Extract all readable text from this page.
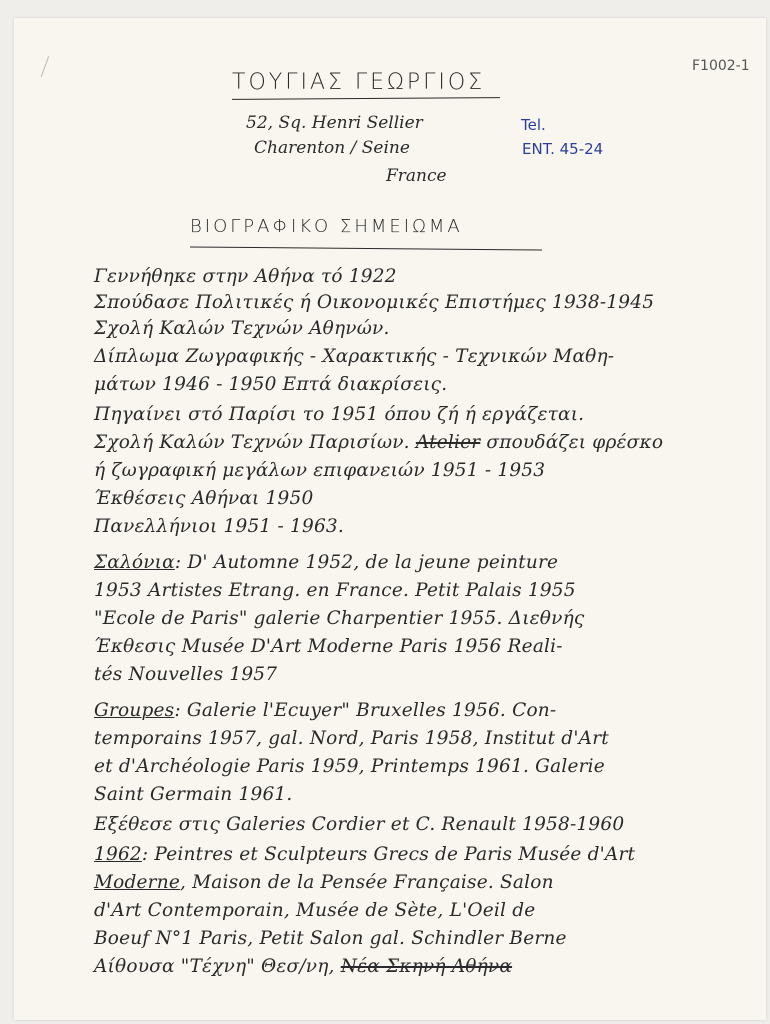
F1002-1
ΤΟΥΓΙΑΣ ΓΕΩΡΓΙΟΣ
52, Sq. Henri Sellier
Charenton / Seine
France
Tel.
ENT. 45-24
ΒΙΟΓΡΑΦΙΚΟ ΣΗΜΕΙΩΜΑ
Γεννήθηκε στην Αθήνα τό 1922
Σπούδασε Πολιτικές ή Οικονομικές Επιστήμες 1938-1945
Σχολή Καλών Τεχνών Αθηνών.
Δίπλωμα Ζωγραφικής - Χαρακτικής - Τεχνικών Μαθη-
μάτων 1946 - 1950 Επτά διακρίσεις.
Πηγαίνει στό Παρίσι το 1951 όπου ζή ή εργάζεται.
Σχολή Καλών Τεχνών Παρισίων. Atelier σπουδάζει φρέσκο
ή ζωγραφική μεγάλων επιφανειών 1951 - 1953
Έκθέσεις Αθήναι 1950
Πανελλήνιοι 1951 - 1963.
Σαλόνια: D' Automne 1952, de la jeune peinture
1953 Artistes Etrang. en France. Petit Palais 1955
"Ecole de Paris" galerie Charpentier 1955. Διεθνής
Έκθεσις Musée D'Art Moderne Paris 1956 Reali-
tés Nouvelles 1957
Groupes: Galerie l'Ecuyer" Bruxelles 1956. Con-
temporains 1957, gal. Nord, Paris 1958, Institut d'Art
et d'Archéologie Paris 1959, Printemps 1961. Galerie
Saint Germain 1961.
Εξέθεσε στις Galeries Cordier et C. Renault 1958-1960
1962: Peintres et Sculpteurs Grecs de Paris Musée d'Art
Moderne, Maison de la Pensée Française. Salon
d'Art Contemporain, Musée de Sète, L'Oeil de
Boeuf N°1 Paris, Petit Salon gal. Schindler Berne
Αίθουσα "Τέχνη" Θεσ/νη, Νέα Σκηνή Αθήνα
